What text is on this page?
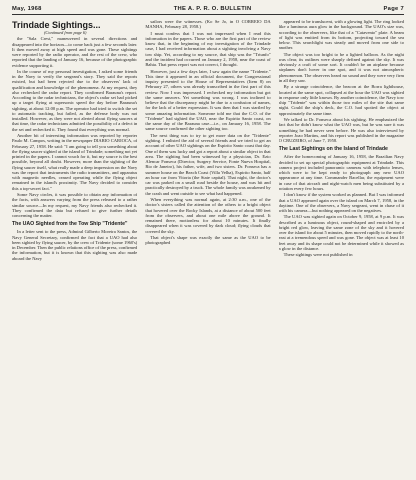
May, 1968	THE A. P. R. O. BULLETIN	Page 7
Trindade Sightings...
(Continued from page 6)

the "Sala Crest," maneuvered in several directions and disappeared into the horizon—to come back just a few seconds later. It then moved away at high speed and was gone. These sightings were reported by the radio operator, and the rest of the crew, who reported that the landing of January 16, because of the photographic evidence supporting it.

In the course of my personal investigation, I asked some friends in the Navy to verify the sergeant's story. They said the reports existed, but had been rejected due to the observers' lack of qualification and knowledge of the phenomena. At my request, they also rechecked the radar report. They confirmed Barauna's report. According to the radar technicians, the object's radar set had picked up a target flying at supersonic speed the day before Barauna's sighting, at about 12:00 p.m. The operator had tried to switch the set to automatic tracking, but failed, as the defense body was not installed. However, as they were not alerted about flying saucers at that time, the radar technicians admitted the possibility of a defect in the set and rechecked it. They found that everything was normal.

Another bit of interesting information was reported by reporter Paulo M. Campos, writing in the newspaper DIARIO CARIOCA, of February 27, 1958. He said: "I am going to tell you something about the flying saucer sighted at the island of Trindade; something not yet printed in the papers. I cannot vouch for it, but my source is the best possible, beyond all doubt. However, more than the sighting of the flying saucer itself, what really made a deep impression on the Navy was the report that instruments the radio transmitters, and apparatus with magnetic needles, ceased operating while the flying object remained in the island's proximity. The Navy decided to consider this a top-secret fact."

Some Navy circles, it was possible to obtain any information of the facts, with answers varying from the press released to a rather similar source—In my request, my Navy friends also rechecked it. They confirmed the data but refused to give further details concerning the matter.

The UAO Sighted from the Tow Ship "Tridente"

In a letter sent to the press, Admiral Gilberto Moreira Santos, the Navy General Secretary, confirmed the fact that a UAO had also been sighted by flying saucer, by the crew of Tridente (some 1960's) in December. Then the public relations office of the press, confirmed the information, but it is known that this sighting was also made aboard the Navy

sailors were the witnesses. (Ko Se Jo, in O CORREIO DA MANHA, February 28, 1958.)

I must confess that I was not impressed when I read this information in the papers. Those who are the first part of the review know that, in the beginning of my investigation of the Trindade case, I had received information about a sighting involving a Navy tow ship. Yet, according to my source, that ship was the "Triunfo" and the incident had occurred on January 2, 1958, near the coast of Bahia. That press report was not correct, I thought.

However, just a few days later, I saw again the name "Tridente." This time it appeared in an official document, the Congressional inquiry presented to the House of Representatives (Item 8) on February 27, others was already transcribed in the first part of this review. Now I was impressed. I rechecked my information but got the same answers. Yet something was wrong. I was inclined to believe that the discrepancy might be due to a confusion of names, for the lack of a better expression. It was then that I was startled by some amazing information. Someone told me that the C.O. of the "Tridente" had sighted the UAO, near the Espirito Santo coast, on the same day of the Barauna case—i.e., on January 16, 1958. The same source confirmed the other sighting too.

The next thing was to try to get more data on the "Tridente" sighting. I enlisted the aid of several friends and we tried to get an account of other UAO sightings on the Espirito Santo coast that day. One of them was lucky and got a report about a similar object in that area. The sighting had been witnessed by a physician, Dr. Ezio Alencar Fonseca (Director, Surgery Service, Fonte Nueva Hospital, Rio de Janeiro), his father, wife, and two sisters. Dr. Fonseca has a summer house on the Beach Coast (Villa Velha), Espirito Santo, half an hour car from Vitoria (the State capital). That night, the doctor's car was parked on a small road beside the house, and was hit and practically destroyed by a truck. The whole family was awakened by the crash and went outside to see what had happened.

When everything was normal again, at 2:30 a.m., one of the doctor's sisters called the attention of the others to a bright object that hovered over the Rocky Islands, at a distance of about 500 feet from the observers, and about one mile above the ground. It remained there, motionless for about 10 minutes. It finally disappeared when it was covered by dark cloud; flying clouds that covered the sky.

That object's shape was exactly the same as the UAO to be photographed

appeared to be translucent, with a glowing light. The ring looked like a luminous aura glow in the background. The UAO's size was, according to the observers, like that of a "Catavento" plate. A beam of light was emitted from its bottom, projecting toward the sea below. This searchlight was steady and moved from one side to another.

The object was too bright to be a lighted balloon. As the night was clear, its outlines were sharply defined against the sky. It was obviously a craft of some sort. It couldn't be an airplane because airplanes don't hover in one spot, and it was not atmospheric phenomenon. The observers heard no sound and they were very firm in all they saw.

By a strange coincidence, the beacon at the Borra lighthouse, located at the same spot, collapsed at the hour the UAO was sighted in response only little known. By another coincidence, the Navy tow ship "Tridente" was within those two miles of the site that same night. Could the ship's deck, the C.O. had spotted the object at approximately the same time.

We talked to Dr. Fonseca about his sighting. He emphasized the fact that he didn't know what the UAO was, but he was sure it was something he had never seen before. He was also interviewed by reporter Joao Martins, and his report was published in the magazine O CRUZEIRO, of June 7, 1958.

The Last Sightings on the Island of Trindade

After the homecoming of January 16, 1958, the Brazilian Navy decided to set up special photographic equipment at Trindade. This camera project included panoramic cameras with telephoto lenses, which were to be kept ready to photograph any new UAO appearance at any time. Commander Bacellar, the equipment were in case of that aircraft and night-watch men being substituted by a rotation every few hours.

I don't know if the system worked as planned. But I was informed that a UAO appeared again over the island on March 7, 1958, in the daytime. One of the observers, a Navy sergeant, went in chase of it with his camera—but nothing appeared on the negatives.

The UAO was sighted again on October 9, 1958, at 9 p.m. It was described as a luminous object, round-shaped and encircled by a bright red glow, leaving the same zone of the sky and it hovered over the island for about 5 minutes, then moved rapidly to the north-east at a tremendous speed and was gone. The object was at least 10 feet away and its shape could not be determined while it showed as a glow in the distance.

These sightings were not published in
